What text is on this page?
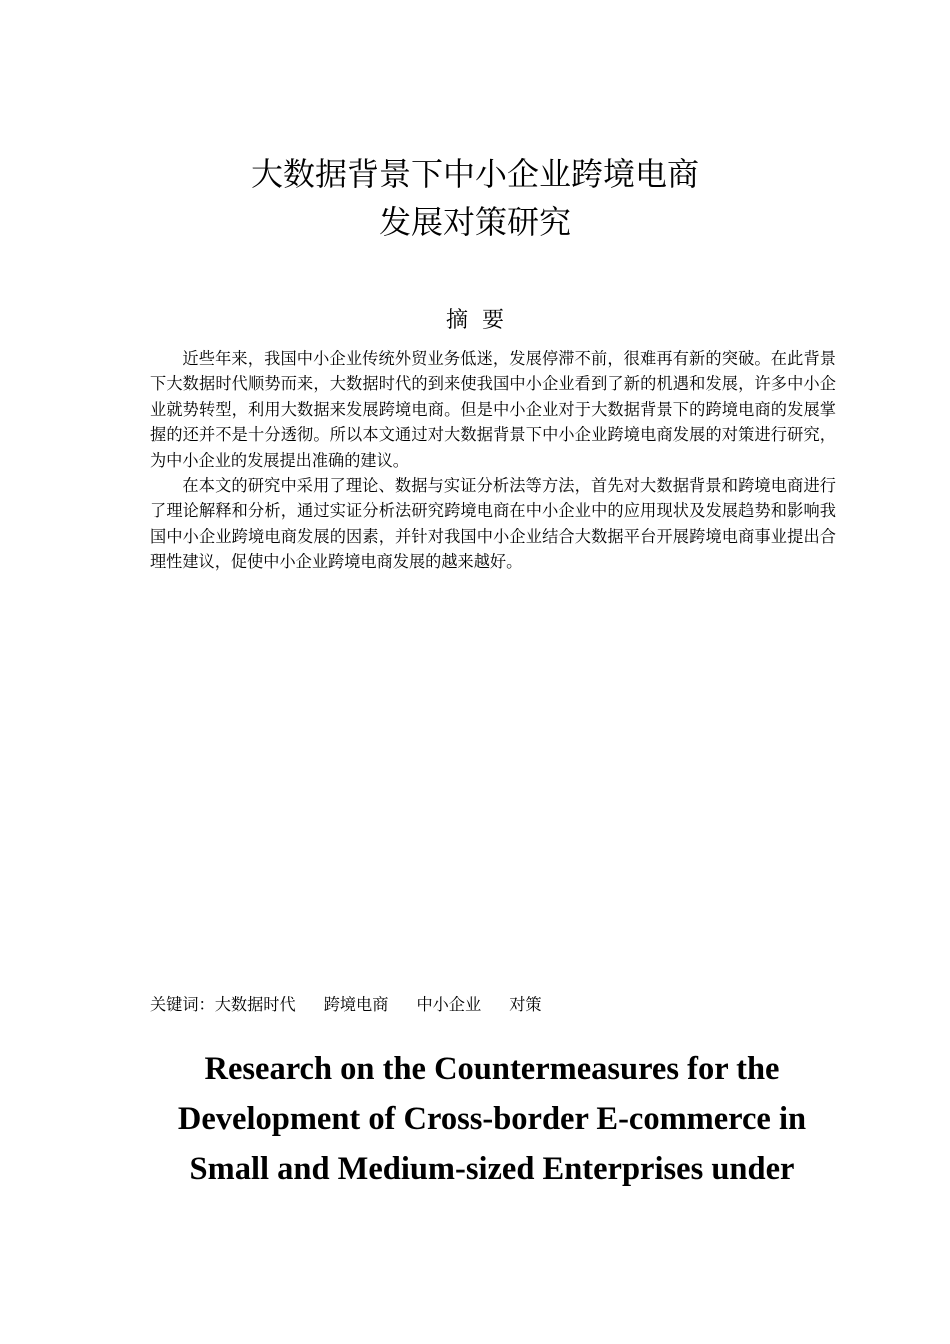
大数据背景下中小企业跨境电商
发展对策研究
摘要

近些年来，我国中小企业传统外贸业务低迷，发展停滞不前，很难再有新的突破。在此背景下大数据时代顺势而来，大数据时代的到来使我国中小企业看到了新的机遇和发展，许多中小企业就势转型，利用大数据来发展跨境电商。但是中小企业对于大数据背景下的跨境电商的发展掌握的还并不是十分透彻。所以本文通过对大数据背景下中小企业跨境电商发展的对策进行研究，为中小企业的发展提出准确的建议。

在本文的研究中采用了理论、数据与实证分析法等方法，首先对大数据背景和跨境电商进行了理论解释和分析，通过实证分析法研究跨境电商在中小企业中的应用现状及发展趋势和影响我国中小企业跨境电商发展的因素，并针对我国中小企业结合大数据平台开展跨境电商事业提出合理性建议，促使中小企业跨境电商发展的越来越好。

关键词：大数据时代 跨境电商 中小企业 对策
Research on the Countermeasures for the
Development of Cross-border E-commerce in
Small and Medium-sized Enterprises under
